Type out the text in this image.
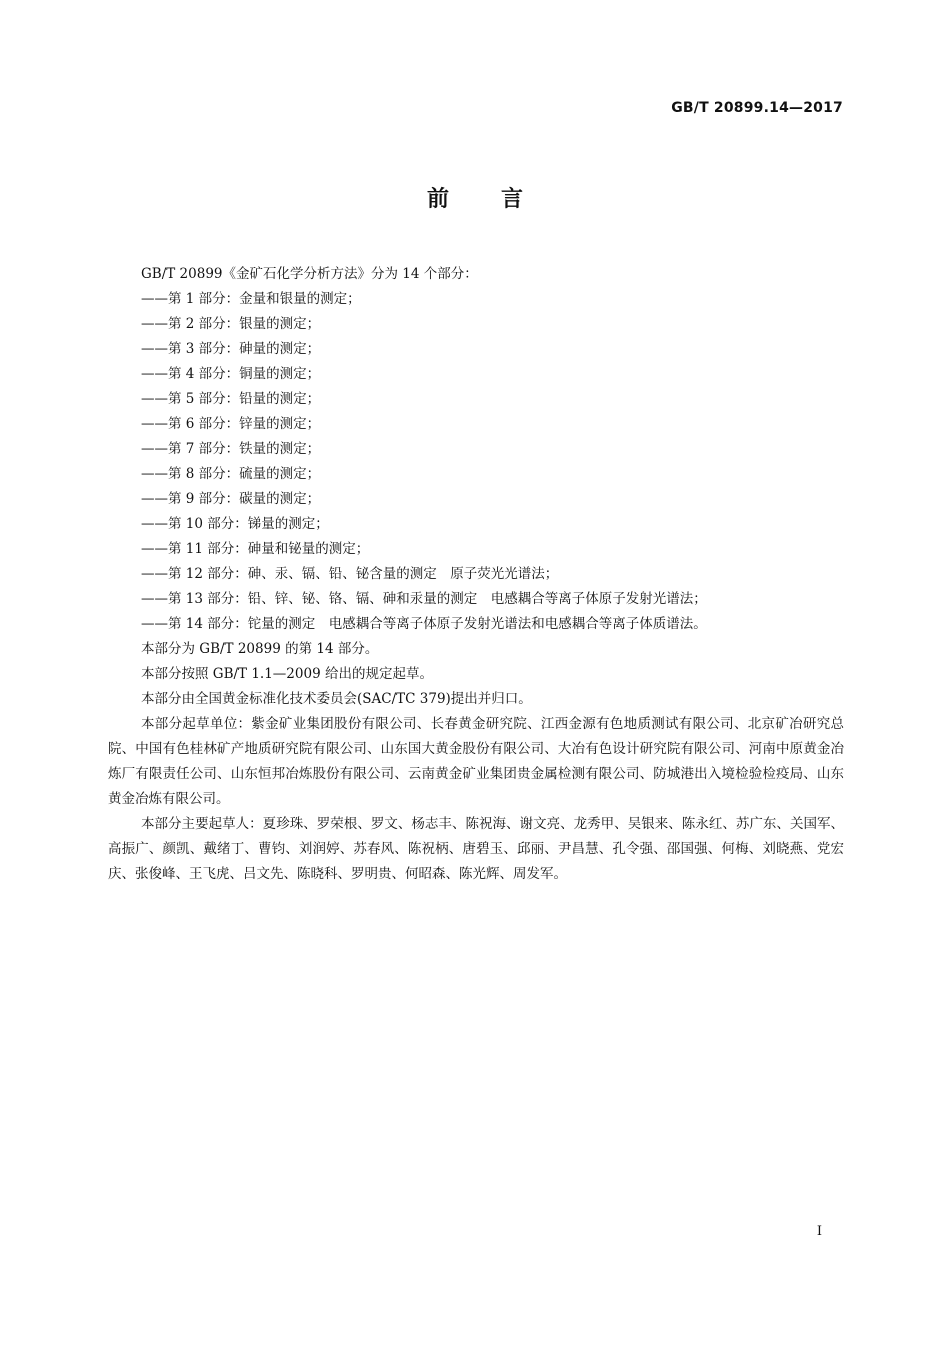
GB/T 20899.14—2017
前言
GB/T 20899《金矿石化学分析方法》分为 14 个部分：
——第 1 部分：金量和银量的测定；
——第 2 部分：银量的测定；
——第 3 部分：砷量的测定；
——第 4 部分：铜量的测定；
——第 5 部分：铅量的测定；
——第 6 部分：锌量的测定；
——第 7 部分：铁量的测定；
——第 8 部分：硫量的测定；
——第 9 部分：碳量的测定；
——第 10 部分：锑量的测定；
——第 11 部分：砷量和铋量的测定；
——第 12 部分：砷、汞、镉、铅、铋含量的测定　原子荧光光谱法；
——第 13 部分：铅、锌、铋、铬、镉、砷和汞量的测定　电感耦合等离子体原子发射光谱法；
——第 14 部分：铊量的测定　电感耦合等离子体原子发射光谱法和电感耦合等离子体质谱法。
本部分为 GB/T 20899 的第 14 部分。
本部分按照 GB/T 1.1—2009 给出的规定起草。
本部分由全国黄金标准化技术委员会(SAC/TC 379)提出并归口。
本部分起草单位：紫金矿业集团股份有限公司、长春黄金研究院、江西金源有色地质测试有限公司、北京矿冶研究总院、中国有色桂林矿产地质研究院有限公司、山东国大黄金股份有限公司、大冶有色设计研究院有限公司、河南中原黄金冶炼厂有限责任公司、山东恒邦冶炼股份有限公司、云南黄金矿业集团贵金属检测有限公司、防城港出入境检验检疫局、山东黄金冶炼有限公司。
本部分主要起草人：夏珍珠、罗荣根、罗文、杨志丰、陈祝海、谢文亮、龙秀甲、吴银来、陈永红、苏广东、关国军、高振广、颜凯、戴绪丁、曹钧、刘润婷、苏春风、陈祝柄、唐碧玉、邱丽、尹昌慧、孔令强、邵国强、何梅、刘晓燕、党宏庆、张俊峰、王飞虎、吕文先、陈晓科、罗明贵、何昭森、陈光辉、周发军。
I
